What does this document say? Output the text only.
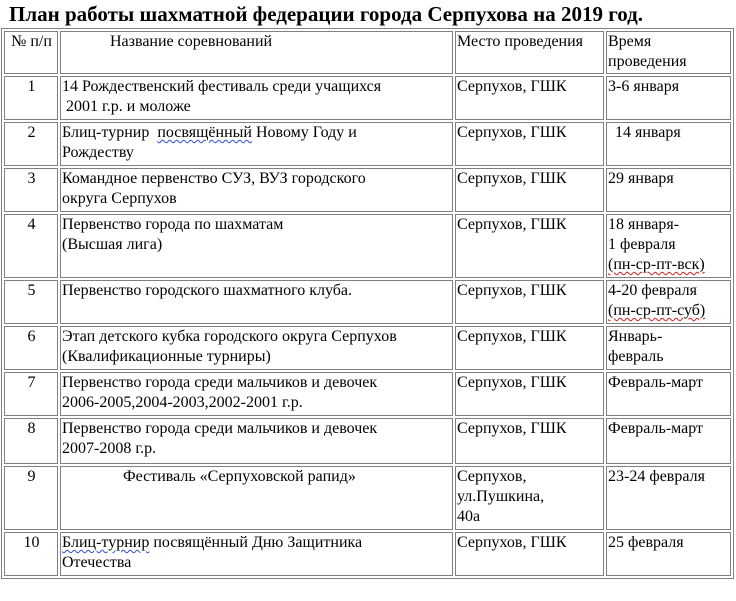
План работы шахматной федерации города Серпухова на 2019 год.
№ п/п	Название соревнований	Место проведения	Время
проведения

1	14 Рождественский фестиваль среди учащихся
2001 г.р. и моложе	Серпухов, ГШК	3-6 января
2	Блиц-турнир посвящённый Новому Году и
Рождеству	Серпухов, ГШК	14 января
3	Командное первенство СУЗ, ВУЗ городского
округа Серпухов	Серпухов, ГШК	29 января
4	Первенство города по шахматам
(Высшая лига)	Серпухов, ГШК	18 января-
1 февраля
(пн-ср-пт-вск)

5	Первенство городского шахматного клуба.	Серпухов, ГШК	4-20 февраля
(пн-ср-пт-суб)

6	Этап детского кубка городского округа Серпухов
(Квалификационные турниры)	Серпухов, ГШК	Январь-
февраль

7	Первенство города среди мальчиков и девочек
2006-2005,2004-2003,2002-2001 г.р.	Серпухов, ГШК	Февраль-март
8	Первенство города среди мальчиков и девочек
2007-2008 г.р.	Серпухов, ГШК	Февраль-март
9	Фестиваль «Серпуховской рапид»	Серпухов,
ул.Пушкина,
40а	23-24 февраля
10	Блиц-турнир посвящённый Дню Защитника
Отечества	Серпухов, ГШК	25 февраля
